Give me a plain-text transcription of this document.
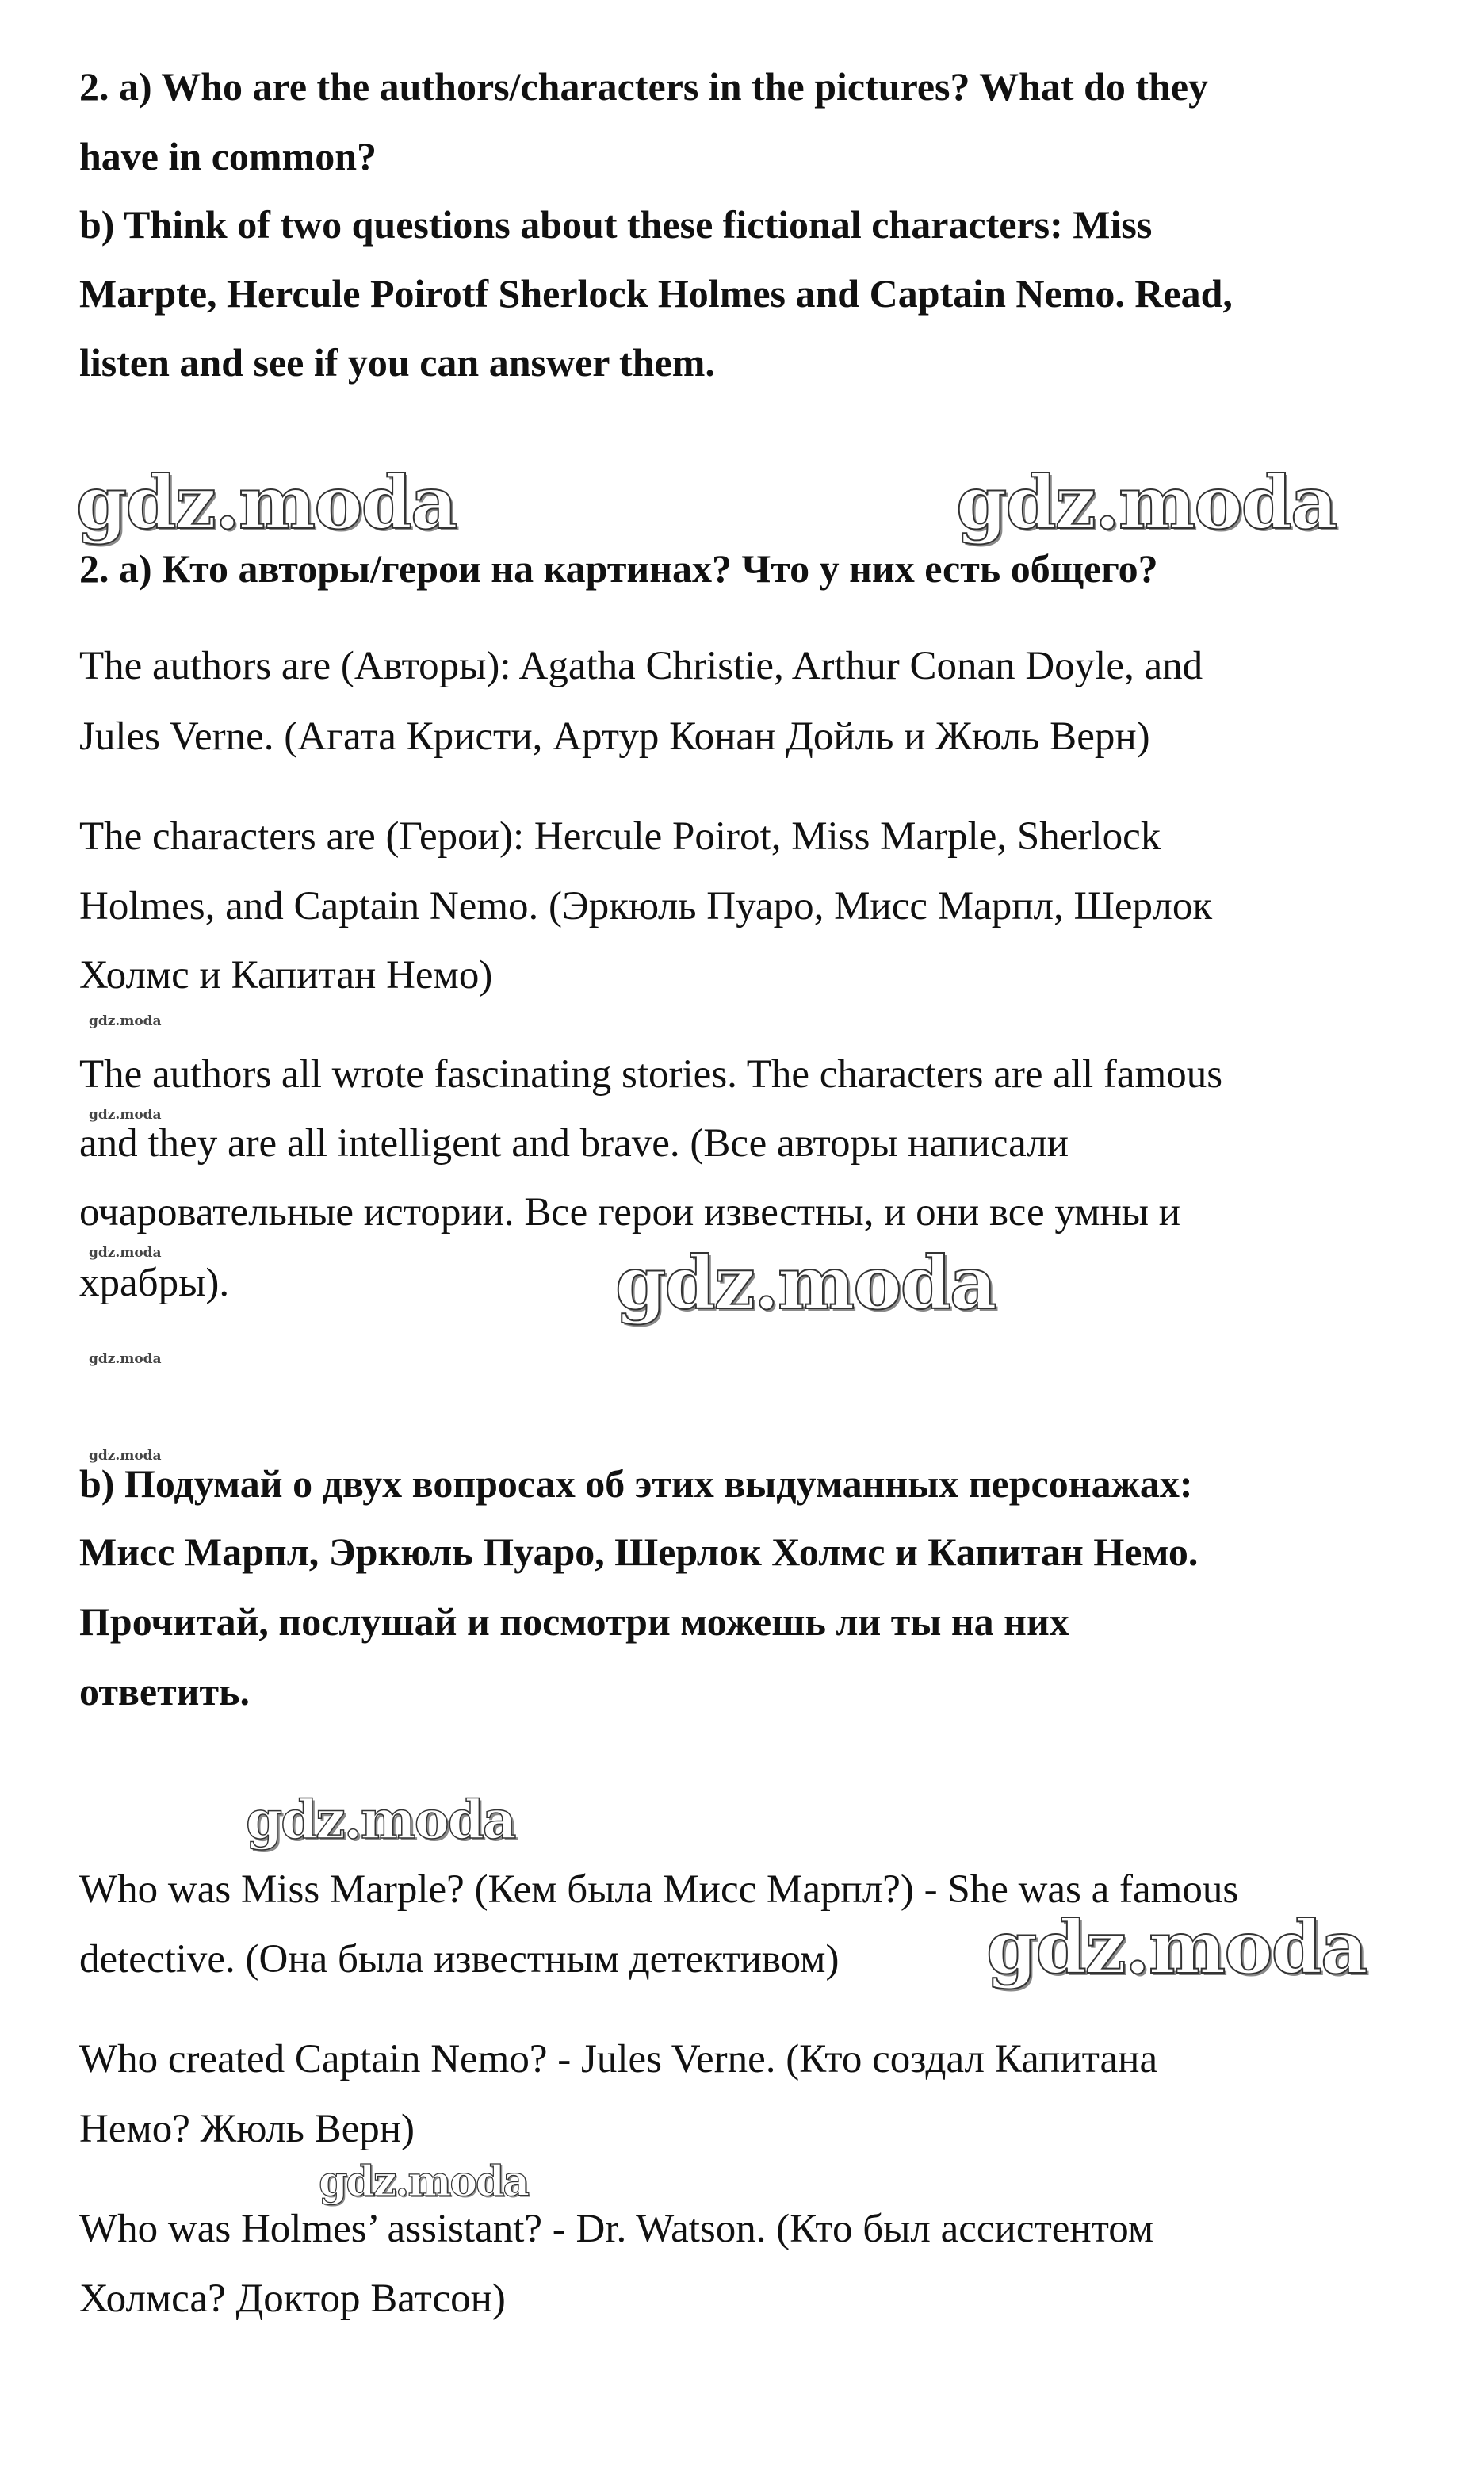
2. a) Who are the authors/characters in the pictures? What do they
have in common?
b) Think of two questions about these fictional characters: Miss
Marpte, Hercule Poirotf Sherlock Holmes and Captain Nemo. Read,
listen and see if you can answer them.
gdz.moda	gdz.moda
2. a) Кто авторы/герои на картинах? Что у них есть общего?
The authors are (Авторы): Agatha Christie, Arthur Conan Doyle, and
Jules Verne. (Агата Кристи, Артур Конан Дойль и Жюль Верн)
The characters are (Герои): Hercule Poirot, Miss Marple, Sherlock
Holmes, and Captain Nemo. (Эркюль Пуаро, Мисс Марпл, Шерлок
Холмс и Капитан Немо)
gdz.moda
The authors all wrote fascinating stories. The characters are all famous
gdz.moda
and they are all intelligent and brave. (Все авторы написали
очаровательные истории. Все герои известны, и они все умны и
gdz.moda
храбры).	gdz.moda
gdz.moda
gdz.moda
b) Подумай о двух вопросах об этих выдуманных персонажах:
Мисс Марпл, Эркюль Пуаро, Шерлок Холмс и Капитан Немо.
Прочитай, послушай и посмотри можешь ли ты на них
ответить.
gdz.moda
Who was Miss Marple? (Кем была Мисс Марпл?) - She was a famous
detective. (Она была известным детективом) gdz.moda
Who created Captain Nemo? - Jules Verne. (Кто создал Капитана
Немо? Жюль Верн)
gdz.moda
Who was Holmes’ assistant? - Dr. Watson. (Кто был ассистентом
Холмса? Доктор Ватсон)
